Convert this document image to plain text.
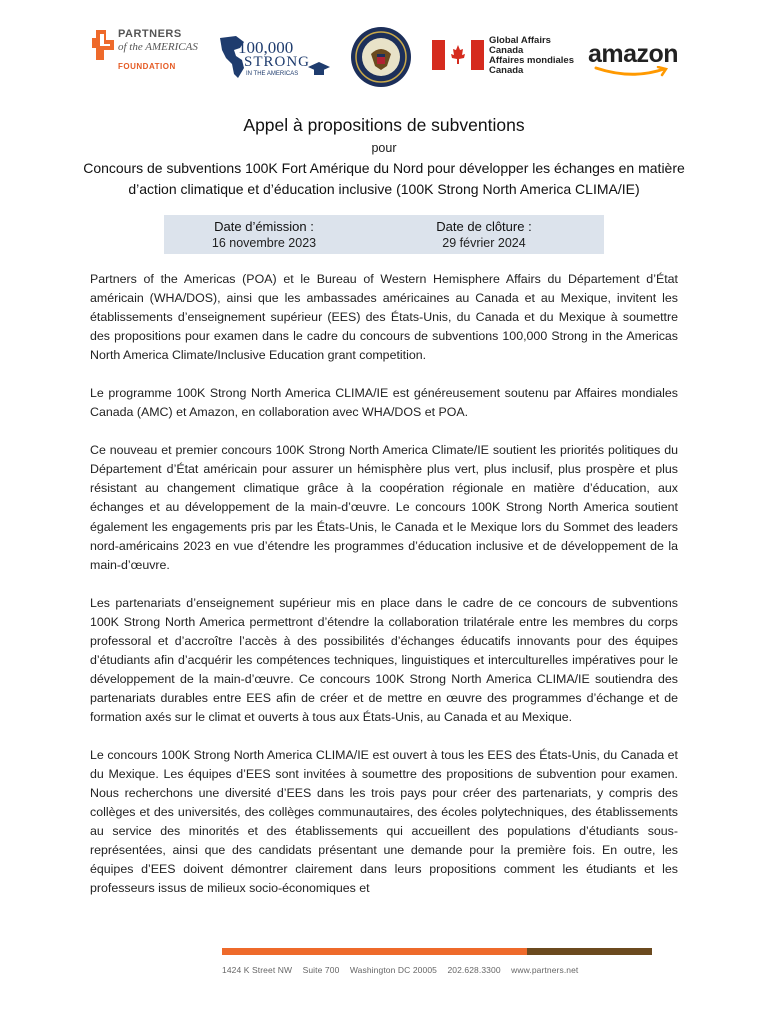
PARTNERS
of the AMERICAS
FOUNDATION
100,000
STRONG
IN THE AMERICAS
Global Affairs
Canada
Affaires mondiales
Canada
amazon
Appel à propositions de subventions
pour
Concours de subventions 100K Fort Amérique du Nord pour développer les échanges en matière d’action climatique et d’éducation inclusive (100K Strong North America CLIMA/IE)
Date d’émission :
16 novembre 2023
Date de clôture :
29 février 2024

Partners of the Americas (POA) et le Bureau of Western Hemisphere Affairs du Département d’État américain (WHA/DOS), ainsi que les ambassades américaines au Canada et au Mexique, invitent les établissements d’enseignement supérieur (EES) des États-Unis, du Canada et du Mexique à soumettre des propositions pour examen dans le cadre du concours de subventions 100,000 Strong in the Americas North America Climate/Inclusive Education grant competition.

Le programme 100K Strong North America CLIMA/IE est généreusement soutenu par Affaires mondiales Canada (AMC) et Amazon, en collaboration avec WHA/DOS et POA.

Ce nouveau et premier concours 100K Strong North America Climate/IE soutient les priorités politiques du Département d’État américain pour assurer un hémisphère plus vert, plus inclusif, plus prospère et plus résistant au changement climatique grâce à la coopération régionale en matière d’éducation, aux échanges et au développement de la main-d’œuvre. Le concours 100K Strong North America soutient également les engagements pris par les États-Unis, le Canada et le Mexique lors du Sommet des leaders nord-américains 2023 en vue d’étendre les programmes d’éducation inclusive et de développement de la main-d’œuvre.

Les partenariats d’enseignement supérieur mis en place dans le cadre de ce concours de subventions 100K Strong North America permettront d’étendre la collaboration trilatérale entre les membres du corps professoral et d’accroître l’accès à des possibilités d’échanges éducatifs innovants pour des équipes d’étudiants afin d’acquérir les compétences techniques, linguistiques et interculturelles impératives pour le développement de la main-d’œuvre. Ce concours 100K Strong North America CLIMA/IE soutiendra des partenariats durables entre EES afin de créer et de mettre en œuvre des programmes d’échange et de formation axés sur le climat et ouverts à tous aux États-Unis, au Canada et au Mexique.

Le concours 100K Strong North America CLIMA/IE est ouvert à tous les EES des États-Unis, du Canada et du Mexique. Les équipes d’EES sont invitées à soumettre des propositions de subvention pour examen. Nous recherchons une diversité d’EES dans les trois pays pour créer des partenariats, y compris des collèges et des universités, des collèges communautaires, des écoles polytechniques, des établissements au service des minorités et des établissements qui accueillent des populations d’étudiants sous-représentées, ainsi que des candidats présentant une demande pour la première fois. En outre, les équipes d’EES doivent démontrer clairement dans leurs propositions comment les étudiants et les professeurs issus de milieux socio-économiques et

1424 K Street NW Suite 700 Washington DC 20005 202.628.3300 www.partners.net
